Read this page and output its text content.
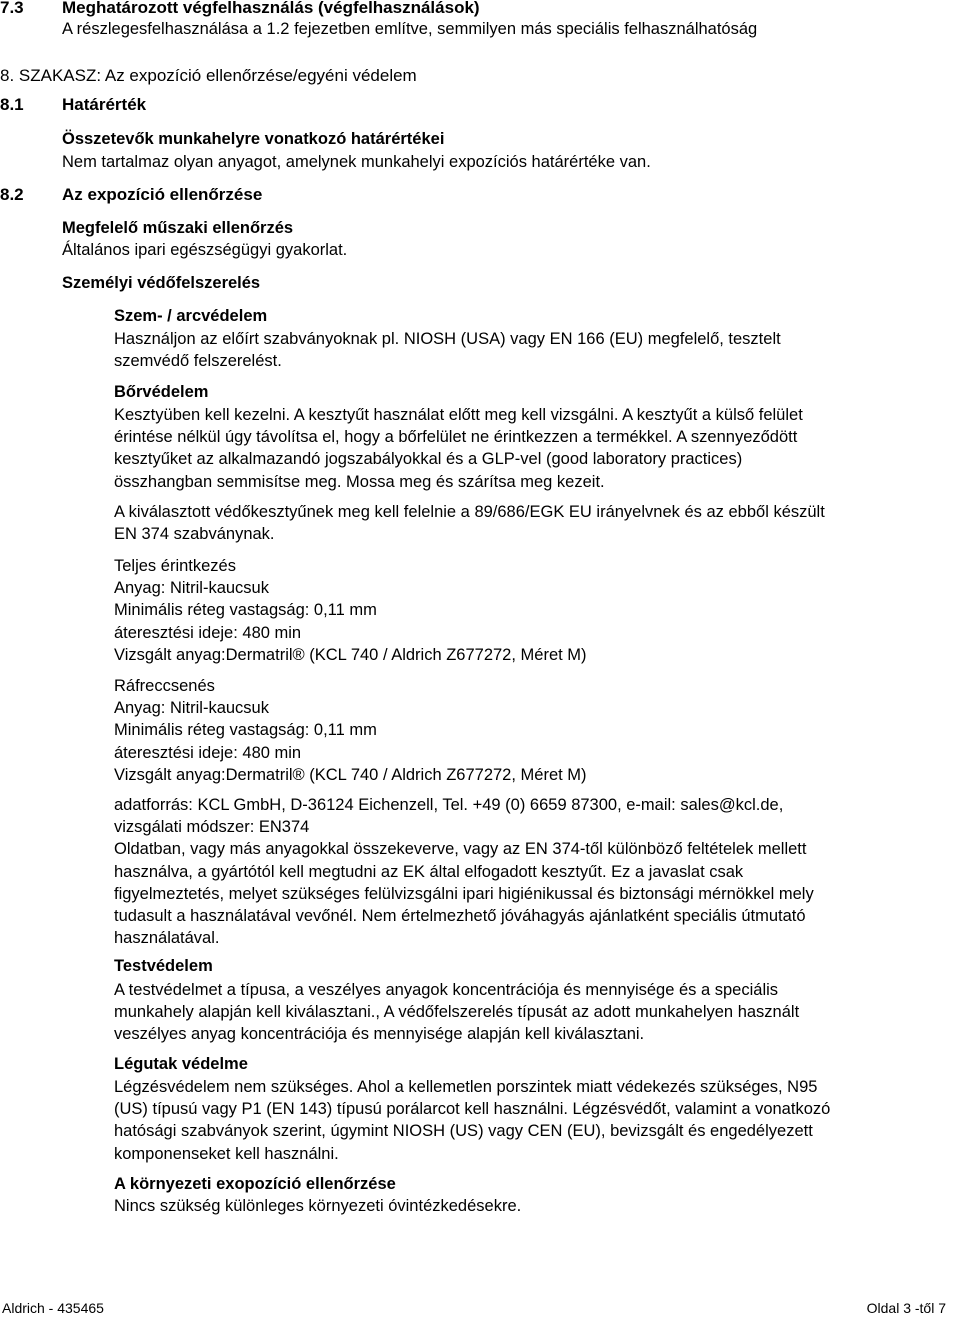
7.3 Meghatározott végfelhasználás (végfelhasználások)
A részlegesfelhasználása a 1.2 fejezetben említve, semmilyen más speciális felhasználhatóság
8. SZAKASZ: Az expozíció ellenőrzése/egyéni védelem
8.1 Határérték
Összetevők munkahelyre vonatkozó határértékei
Nem tartalmaz olyan anyagot, amelynek munkahelyi expozíciós határértéke van.
8.2 Az expozíció ellenőrzése
Megfelelő műszaki ellenőrzés
Általános ipari egészségügyi gyakorlat.
Személyi védőfelszerelés
Szem- / arcvédelem
Használjon az előírt szabványoknak pl. NIOSH (USA) vagy EN 166 (EU) megfelelő, tesztelt
szemvédő felszerelést.
Bőrvédelem
Kesztyüben kell kezelni. A kesztyűt használat előtt meg kell vizsgálni. A kesztyűt a külső felület
érintése nélkül úgy távolítsa el, hogy a bőrfelület ne érintkezzen a termékkel. A szennyeződött
kesztyűket az alkalmazandó jogszabályokkal és a GLP-vel (good laboratory practices)
összhangban semmisítse meg. Mossa meg és szárítsa meg kezeit.
A kiválasztott védőkesztyűnek meg kell felelnie a 89/686/EGK EU irányelvnek és az ebből készült
EN 374 szabványnak.
Teljes érintkezés
Anyag: Nitril-kaucsuk
Minimális réteg vastagság: 0,11 mm
áteresztési ideje: 480 min
Vizsgált anyag:Dermatril® (KCL 740 / Aldrich Z677272, Méret M)
Ráfreccsenés
Anyag: Nitril-kaucsuk
Minimális réteg vastagság: 0,11 mm
áteresztési ideje: 480 min
Vizsgált anyag:Dermatril® (KCL 740 / Aldrich Z677272, Méret M)
adatforrás: KCL GmbH, D-36124 Eichenzell, Tel. +49 (0) 6659 87300, e-mail: sales@kcl.de,
vizsgálati módszer: EN374
Oldatban, vagy más anyagokkal összekeverve, vagy az EN 374-től különböző feltételek mellett
használva, a gyártótól kell megtudni az EK által elfogadott kesztyűt. Ez a javaslat csak
figyelmeztetés, melyet szükséges felülvizsgálni ipari higiénikussal és biztonsági mérnökkel mely
tudasult a használatával vevőnél. Nem értelmezhető jóváhagyás ajánlatként speciális útmutató
használatával.
Testvédelem
A testvédelmet a típusa, a veszélyes anyagok koncentrációja és mennyisége és a speciális
munkahely alapján kell kiválasztani., A védőfelszerelés típusát az adott munkahelyen használt
veszélyes anyag koncentrációja és mennyisége alapján kell kiválasztani.
Légutak védelme
Légzésvédelem nem szükséges. Ahol a kellemetlen porszintek miatt védekezés szükséges, N95
(US) típusú vagy P1 (EN 143) típusú porálarcot kell használni. Légzésvédőt, valamint a vonatkozó
hatósági szabványok szerint, úgymint NIOSH (US) vagy CEN (EU), bevizsgált és engedélyezett
komponenseket kell használni.
A környezeti exopozíció ellenőrzése
Nincs szükség különleges környezeti óvintézkedésekre.
Aldrich - 435465	Oldal 3 -től 7
